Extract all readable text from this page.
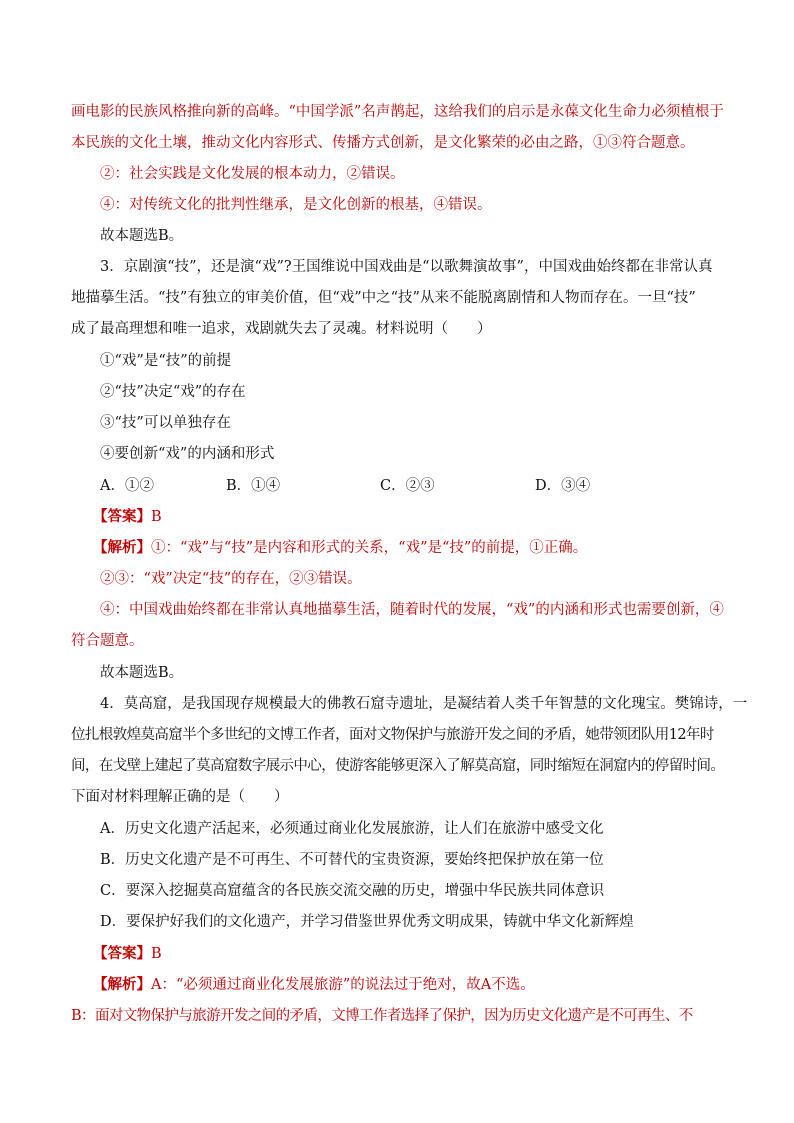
画电影的民族风格推向新的高峰。“中国学派”名声鹊起，这给我们的启示是永葆文化生命力必须植根于
本民族的文化土壤，推动文化内容形式、传播方式创新，是文化繁荣的必由之路，①③符合题意。
②：社会实践是文化发展的根本动力，②错误。
④：对传统文化的批判性继承，是文化创新的根基，④错误。
故本题选B。
3．京剧演“技”，还是演“戏”?王国维说中国戏曲是“以歌舞演故事”，中国戏曲始终都在非常认真
地描摹生活。“技”有独立的审美价值，但“戏”中之“技”从来不能脱离剧情和人物而存在。一旦“技”
成了最高理想和唯一追求，戏剧就失去了灵魂。材料说明（　　）
①“戏”是“技”的前提
②“技”决定“戏”的存在
③“技”可以单独存在
④要创新“戏”的内涵和形式
A．①②	B．①④	C．②③	D．③④
【答案】B
【解析】①：“戏”与“技”是内容和形式的关系，“戏”是“技”的前提，①正确。
②③：“戏”决定“技”的存在，②③错误。
④：中国戏曲始终都在非常认真地描摹生活，随着时代的发展，“戏”的内涵和形式也需要创新，④
符合题意。
故本题选B。
4．莫高窟，是我国现存规模最大的佛教石窟寺遗址，是凝结着人类千年智慧的文化瑰宝。樊锦诗，一
位扎根敦煌莫高窟半个多世纪的文博工作者，面对文物保护与旅游开发之间的矛盾，她带领团队用12年时
间，在戈壁上建起了莫高窟数字展示中心，使游客能够更深入了解莫高窟，同时缩短在洞窟内的停留时间。
下面对材料理解正确的是（　　）
A．历史文化遗产活起来，必须通过商业化发展旅游，让人们在旅游中感受文化
B．历史文化遗产是不可再生、不可替代的宝贵资源，要始终把保护放在第一位
C．要深入挖掘莫高窟蕴含的各民族交流交融的历史，增强中华民族共同体意识
D．要保护好我们的文化遗产，并学习借鉴世界优秀文明成果，铸就中华文化新辉煌
【答案】B
【解析】A：“必须通过商业化发展旅游”的说法过于绝对，故A不选。
B：面对文物保护与旅游开发之间的矛盾，文博工作者选择了保护，因为历史文化遗产是不可再生、不
